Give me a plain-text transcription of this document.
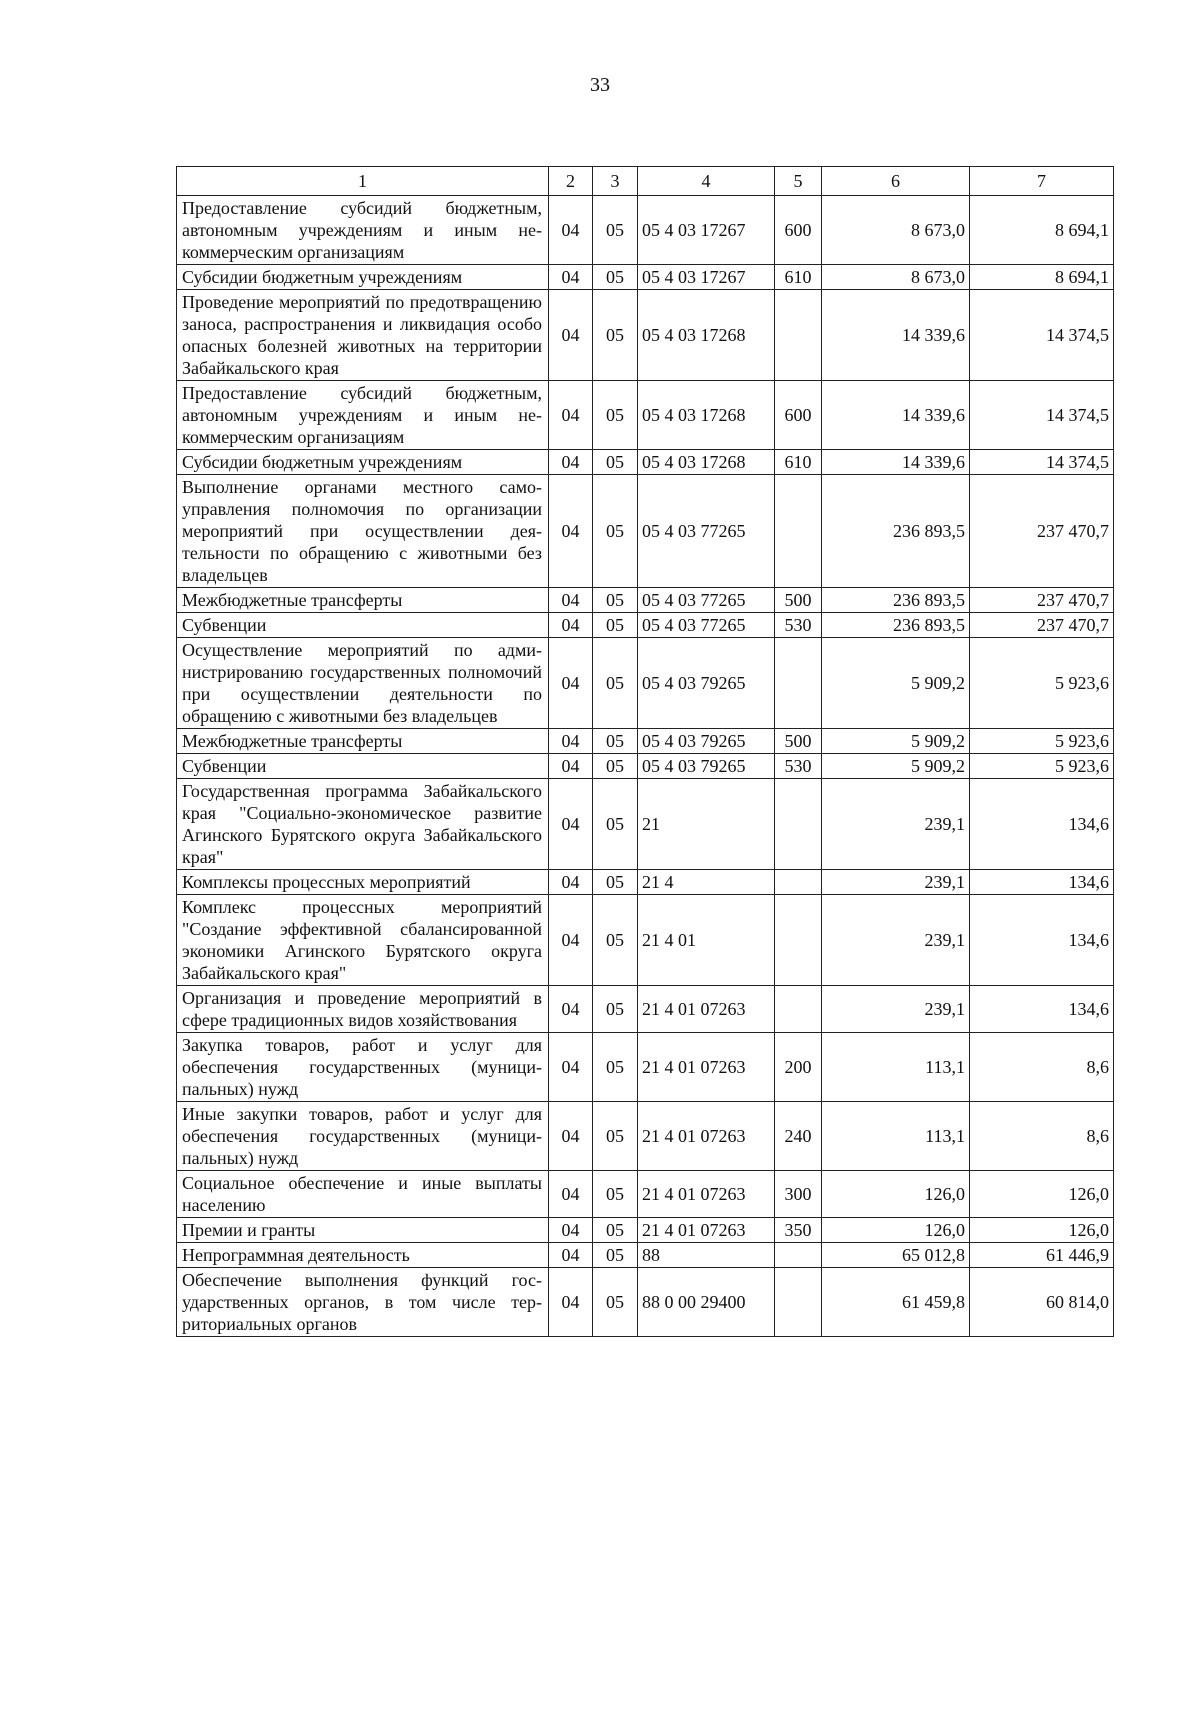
33
1	2	3	4	5	6	7
Предоставление субсидий бюджетным, автономным учреждениям и иным некоммерческим организациям	04	05	05 4 03 17267	600	8 673,0	8 694,1
Субсидии бюджетным учреждениям	04	05	05 4 03 17267	610	8 673,0	8 694,1
Проведение мероприятий по предотвращению заноса, распространения и ликвидация особо опасных болезней животных на территории Забайкальского края	04	05	05 4 03 17268		14 339,6	14 374,5
Предоставление субсидий бюджетным, автономным учреждениям и иным некоммерческим организациям	04	05	05 4 03 17268	600	14 339,6	14 374,5
Субсидии бюджетным учреждениям	04	05	05 4 03 17268	610	14 339,6	14 374,5
Выполнение органами местного самоуправления полномочия по организации мероприятий при осуществлении деятельности по обращению с животными без владельцев	04	05	05 4 03 77265		236 893,5	237 470,7
Межбюджетные трансферты	04	05	05 4 03 77265	500	236 893,5	237 470,7
Субвенции	04	05	05 4 03 77265	530	236 893,5	237 470,7
Осуществление мероприятий по администрированию государственных полномочий при осуществлении деятельности по обращению с животными без владельцев	04	05	05 4 03 79265		5 909,2	5 923,6
Межбюджетные трансферты	04	05	05 4 03 79265	500	5 909,2	5 923,6
Субвенции	04	05	05 4 03 79265	530	5 909,2	5 923,6
Государственная программа Забайкальского края "Социально-экономическое развитие Агинского Бурятского округа Забайкальского края"	04	05	21		239,1	134,6
Комплексы процессных мероприятий	04	05	21 4		239,1	134,6
Комплекс процессных мероприятий "Создание эффективной сбалансированной экономики Агинского Бурятского округа Забайкальского края"	04	05	21 4 01		239,1	134,6
Организация и проведение мероприятий в сфере традиционных видов хозяйствования	04	05	21 4 01 07263		239,1	134,6
Закупка товаров, работ и услуг для обеспечения государственных (муниципальных) нужд	04	05	21 4 01 07263	200	113,1	8,6
Иные закупки товаров, работ и услуг для обеспечения государственных (муниципальных) нужд	04	05	21 4 01 07263	240	113,1	8,6
Социальное обеспечение и иные выплаты населению	04	05	21 4 01 07263	300	126,0	126,0
Премии и гранты	04	05	21 4 01 07263	350	126,0	126,0
Непрограммная деятельность	04	05	88		65 012,8	61 446,9
Обеспечение выполнения функций государственных органов, в том числе территориальных органов	04	05	88 0 00 29400		61 459,8	60 814,0
